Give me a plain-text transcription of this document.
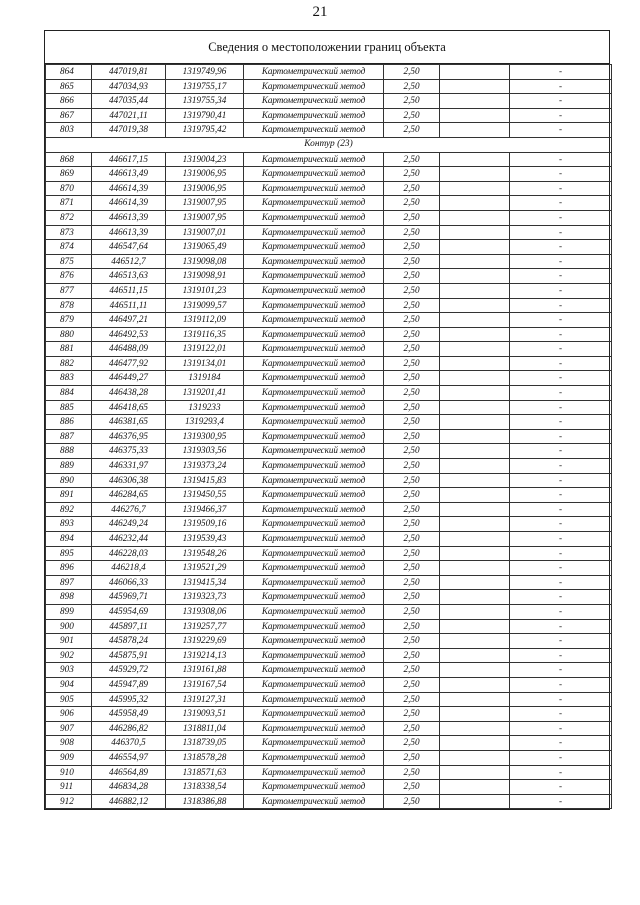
21
Сведения о местоположении границ объекта
864	447019,81	1319749,96	Картометрический метод	2,50		-
865	447034,93	1319755,17	Картометрический метод	2,50		-
866	447035,44	1319755,34	Картометрический метод	2,50		-
867	447021,11	1319790,41	Картометрический метод	2,50		-
803	447019,38	1319795,42	Картометрический метод	2,50		-
Контур (23)						
868	446617,15	1319004,23	Картометрический метод	2,50		-
869	446613,49	1319006,95	Картометрический метод	2,50		-
870	446614,39	1319006,95	Картометрический метод	2,50		-
871	446614,39	1319007,95	Картометрический метод	2,50		-
872	446613,39	1319007,95	Картометрический метод	2,50		-
873	446613,39	1319007,01	Картометрический метод	2,50		-
874	446547,64	1319065,49	Картометрический метод	2,50		-
875	446512,7	1319098,08	Картометрический метод	2,50		-
876	446513,63	1319098,91	Картометрический метод	2,50		-
877	446511,15	1319101,23	Картометрический метод	2,50		-
878	446511,11	1319099,57	Картометрический метод	2,50		-
879	446497,21	1319112,09	Картометрический метод	2,50		-
880	446492,53	1319116,35	Картометрический метод	2,50		-
881	446488,09	1319122,01	Картометрический метод	2,50		-
882	446477,92	1319134,01	Картометрический метод	2,50		-
883	446449,27	1319184	Картометрический метод	2,50		-
884	446438,28	1319201,41	Картометрический метод	2,50		-
885	446418,65	1319233	Картометрический метод	2,50		-
886	446381,65	1319293,4	Картометрический метод	2,50		-
887	446376,95	1319300,95	Картометрический метод	2,50		-
888	446375,33	1319303,56	Картометрический метод	2,50		-
889	446331,97	1319373,24	Картометрический метод	2,50		-
890	446306,38	1319415,83	Картометрический метод	2,50		-
891	446284,65	1319450,55	Картометрический метод	2,50		-
892	446276,7	1319466,37	Картометрический метод	2,50		-
893	446249,24	1319509,16	Картометрический метод	2,50		-
894	446232,44	1319539,43	Картометрический метод	2,50		-
895	446228,03	1319548,26	Картометрический метод	2,50		-
896	446218,4	1319521,29	Картометрический метод	2,50		-
897	446066,33	1319415,34	Картометрический метод	2,50		-
898	445969,71	1319323,73	Картометрический метод	2,50		-
899	445954,69	1319308,06	Картометрический метод	2,50		-
900	445897,11	1319257,77	Картометрический метод	2,50		-
901	445878,24	1319229,69	Картометрический метод	2,50		-
902	445875,91	1319214,13	Картометрический метод	2,50		-
903	445929,72	1319161,88	Картометрический метод	2,50		-
904	445947,89	1319167,54	Картометрический метод	2,50		-
905	445995,32	1319127,31	Картометрический метод	2,50		-
906	445958,49	1319093,51	Картометрический метод	2,50		-
907	446286,82	1318811,04	Картометрический метод	2,50		-
908	446370,5	1318739,05	Картометрический метод	2,50		-
909	446554,97	1318578,28	Картометрический метод	2,50		-
910	446564,89	1318571,63	Картометрический метод	2,50		-
911	446834,28	1318338,54	Картометрический метод	2,50		-
912	446882,12	1318386,88	Картометрический метод	2,50		-
